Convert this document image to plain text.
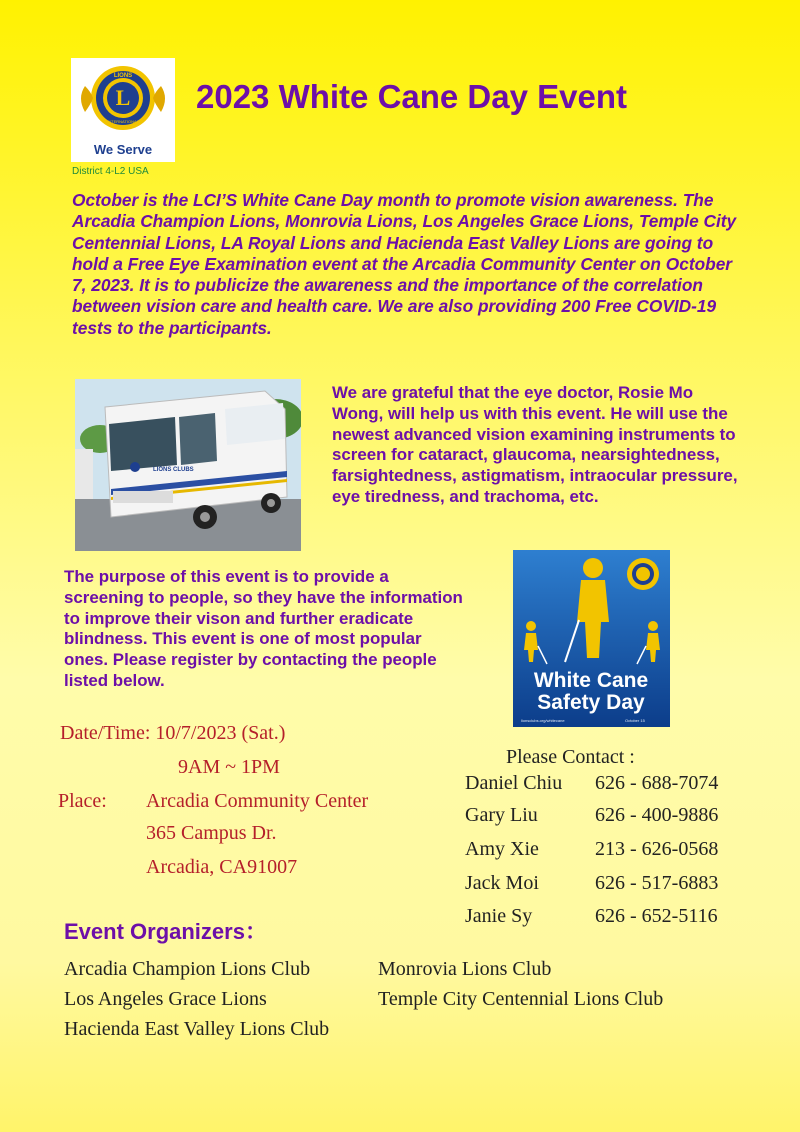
L
LIONS
INTERNATIONAL
We Serve
District 4-L2 USA
2023 White Cane Day Event
October is the LCI’S White Cane Day month to promote vision awareness. The Arcadia Champion Lions, Monrovia Lions, Los Angeles Grace Lions, Temple City Centennial Lions, LA Royal Lions and Hacienda East Valley Lions are going to hold a Free Eye Examination event at the Arcadia Community Center on October 7, 2023. It is to publicize the awareness and the importance of the correlation between vision care and health care. We are also providing 200 Free COVID-19 tests to the participants.
LIONS CLUBS
We are grateful that the eye doctor, Rosie Mo Wong, will help us with this event. He will use the newest advanced vision examining instruments to screen for cataract, glaucoma, nearsightedness, farsightedness, astigmatism, intraocular pressure, eye tiredness, and trachoma, etc.
The purpose of this event is to provide a screening to people, so they have the information to improve their vison and further eradicate blindness. This event is one of most popular ones. Please register by contacting the people listed below.	White Cane
Safety Day
lionsclubs.org/whitecane	October 15
Date/Time: 10/7/2023 (Sat.)
9AM ~ 1PM
Place: Arcadia Community Center
365 Campus Dr.
Arcadia, CA91007
Please Contact :
Daniel Chiu 626 - 688-7074
Gary Liu	626 - 400-9886
Amy Xie	213 - 626-0568
Jack Moi	626 - 517-6883
Janie Sy	626 - 652-5116
Event Organizers：
Arcadia Champion Lions Club	Monrovia Lions Club
Los Angeles Grace Lions	Temple City Centennial Lions Club
Hacienda East Valley Lions Club
